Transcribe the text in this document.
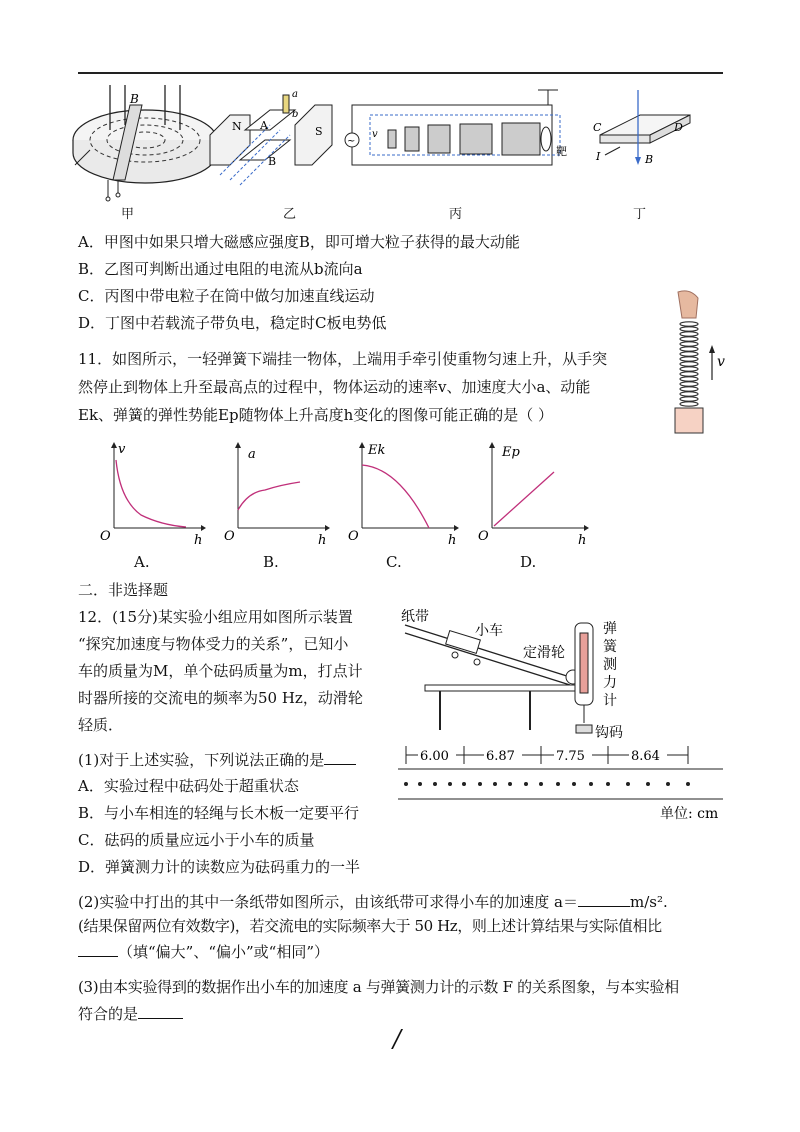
B
N A
B
S
a
b
~
v
靶
B
C	D
I
甲	乙	丙	丁
A．甲图中如果只增大磁感应强度B，即可增大粒子获得的最大动能
B．乙图可判断出通过电阻的电流从b流向a
C．丙图中带电粒子在筒中做匀加速直线运动
D．丁图中若载流子带负电，稳定时C板电势低
11．如图所示，一轻弹簧下端挂一物体，上端用手牵引使重物匀速上升，从手突
然停止到物体上升至最高点的过程中，物体运动的速率v、加速度大小a、动能
Ek、弹簧的弹性势能Ep随物体上升高度h变化的图像可能正确的是（ ）
v
v
O	h
a
O	h
Ek
O	h
Ep
O	h
A.	B.	C.	D.
二．非选择题
12．(15分)某实验小组应用如图所示装置
“探究加速度与物体受力的关系”，已知小
车的质量为M，单个砝码质量为m，打点计
时器所接的交流电的频率为50 Hz，动滑轮
轻质．
纸带
小车
定滑轮
弹
簧
测
力
计
钩码
6.00	6.87	7.75	8.64
单位: cm
(1)对于上述实验，下列说法正确的是
A．实验过程中砝码处于超重状态
B．与小车相连的轻绳与长木板一定要平行
C．砝码的质量应远小于小车的质量
D．弹簧测力计的读数应为砝码重力的一半
(2)实验中打出的其中一条纸带如图所示，由该纸带可求得小车的加速度 a＝	m/s².
(结果保留两位有效数字)，若交流电的实际频率大于 50 Hz，则上述计算结果与实际值相比
（填“偏大”、“偏小”或“相同”）
(3)由本实验得到的数据作出小车的加速度 a 与弹簧测力计的示数 F 的关系图象，与本实验相
符合的是
/
